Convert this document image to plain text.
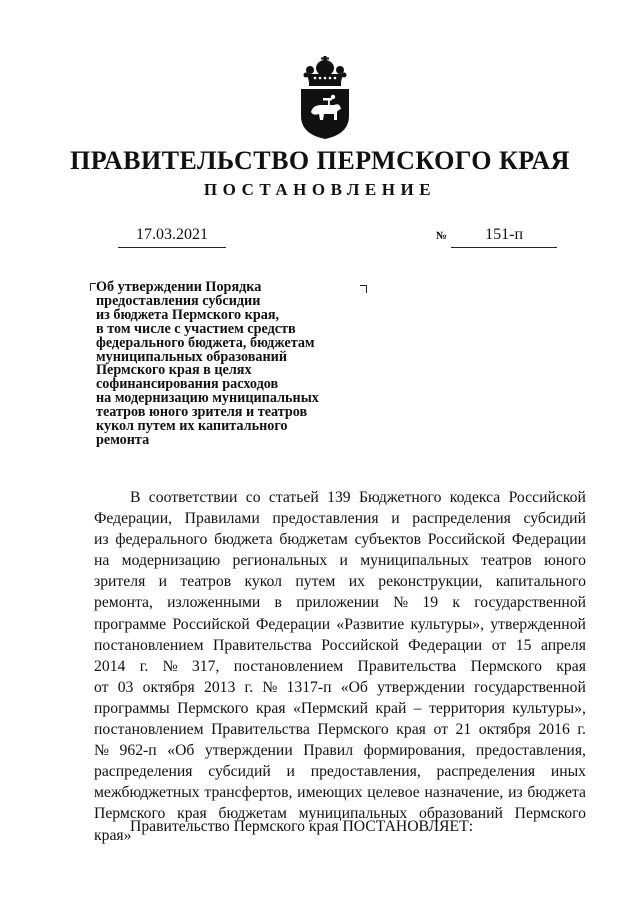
ПРАВИТЕЛЬСТВО ПЕРМСКОГО КРАЯ
ПОСТАНОВЛЕНИЕ
17.03.2021	№ 151-п
Об утверждении Порядка
предоставления субсидии
из бюджета Пермского края,
в том числе с участием средств
федерального бюджета, бюджетам
муниципальных образований
Пермского края в целях
софинансирования расходов
на модернизацию муниципальных
театров юного зрителя и театров
кукол путем их капитального
ремонта
В соответствии со статьей 139 Бюджетного кодекса Российской
Федерации, Правилами предоставления и распределения субсидий
из федерального бюджета бюджетам субъектов Российской Федерации
на модернизацию региональных и муниципальных театров юного
зрителя и театров кукол путем их реконструкции, капитального
ремонта, изложенными в приложении № 19 к государственной
программе Российской Федерации «Развитие культуры», утвержденной
постановлением Правительства Российской Федерации от 15 апреля
2014 г. № 317, постановлением Правительства Пермского края
от 03 октября 2013 г. № 1317-п «Об утверждении государственной
программы Пермского края «Пермский край – территория культуры»,
постановлением Правительства Пермского края от 21 октября 2016 г.
№ 962-п «Об утверждении Правил формирования, предоставления,
распределения субсидий и предоставления, распределения иных
межбюджетных трансфертов, имеющих целевое назначение, из бюджета
Пермского края бюджетам муниципальных образований Пермского
края»
Правительство Пермского края ПОСТАНОВЛЯЕТ:
